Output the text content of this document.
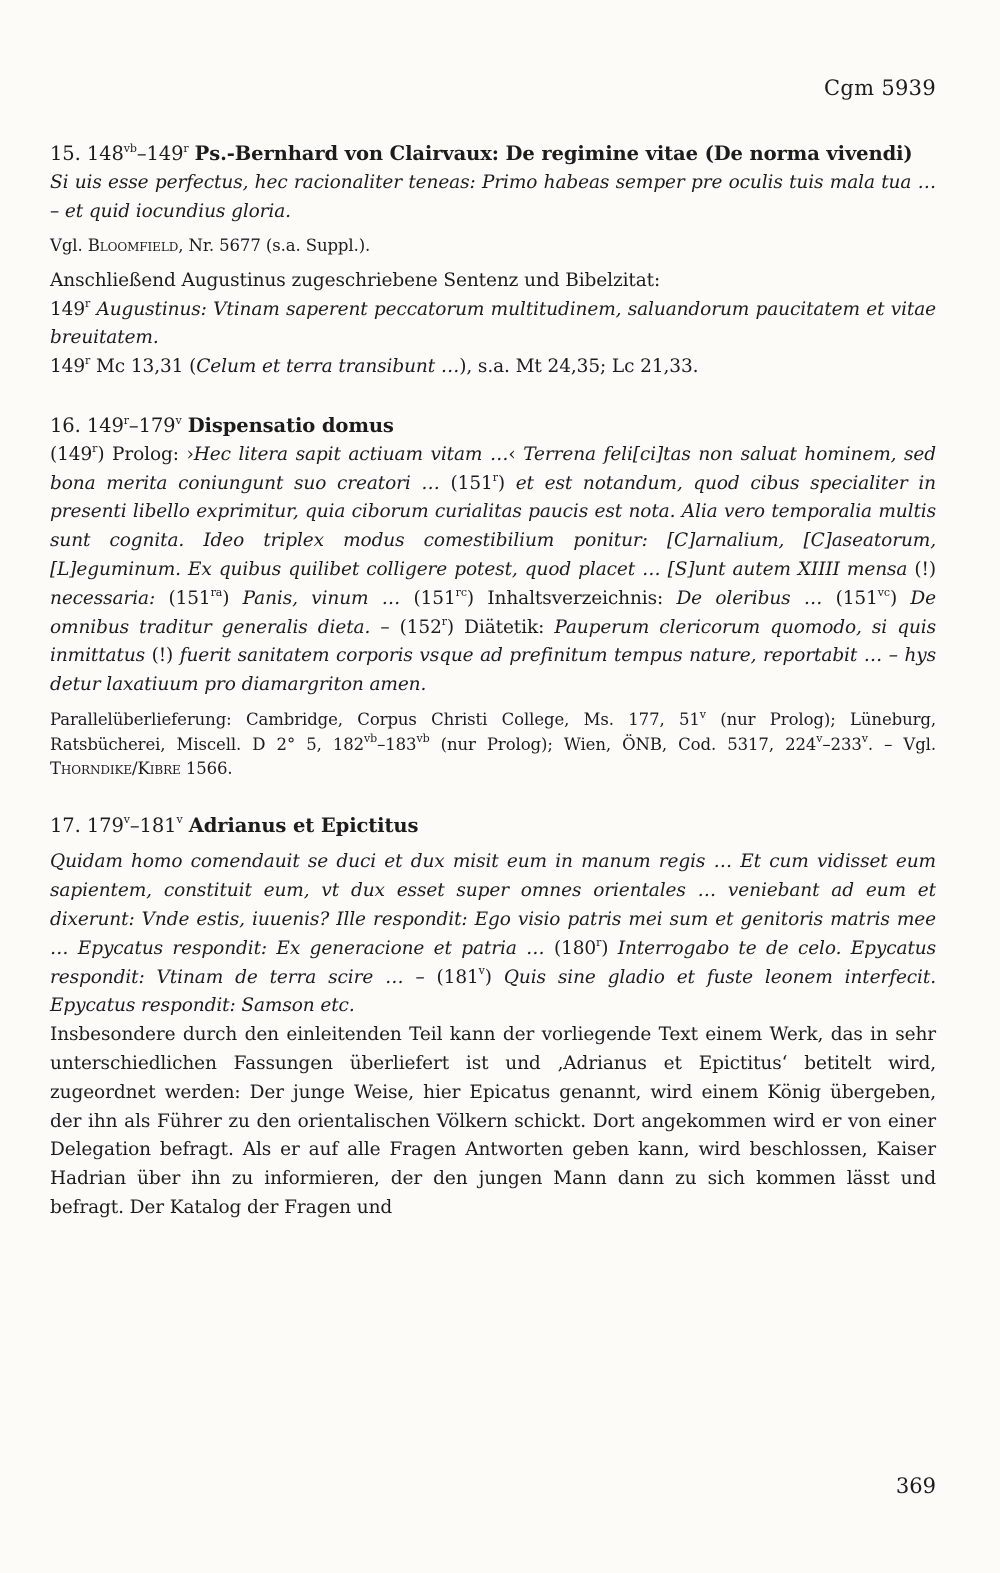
Cgm 5939

15. $148^{vb}-149^r$ Ps.-Bernhard von Clairvaux: De regimine vitae (De norma vivendi)

Si uis esse perfectus, hec racionaliter teneas: Primo habeas semper pre oculis tuis mala tua … – et quid iocundius gloria.

Vgl. Bloomfield, Nr. 5677 (s.a. Suppl.).

Anschließend Augustinus zugeschriebene Sentenz und Bibelzitat:

149$^r$ Augustinus: Vtinam saperent peccatorum multitudinem, saluandorum paucitatem et vitae breuitatem.

149$^r$ Mc 13,31 (Celum et terra transibunt …), s.a. Mt 24,35; Lc 21,33.

16. 149$^r$–179$^v$ Dispensatio domus

(149$^r$) Prolog: ›Hec litera sapit actiuam vitam …‹ Terrena feli[ci]tas non saluat hominem, sed bona merita coniungunt suo creatori … (151$^r$) et est notandum, quod cibus specialiter in presenti libello exprimitur, quia ciborum curialitas paucis est nota. Alia vero temporalia multis sunt cognita. Ideo triplex modus comestibilium ponitur: [C]arnalium, [C]aseatorum, [L]eguminum. Ex quibus quilibet colligere potest, quod placet … [S]unt autem XIIII mensa (!) necessaria: $(151^{ra})$ Panis, vinum … $(151^{rc})$ Inhaltsverzeichnis: De oleribus … $(151^{vc})$ De omnibus traditur generalis dieta. – (152$^r$) Diätetik: Pauperum clericorum quomodo, si quis inmittatus (!) fuerit sanitatem corporis vsque ad prefinitum tempus nature, reportabit … – hys detur laxatiuum pro diamargriton amen.

Parallelüberlieferung: Cambridge, Corpus Christi College, Ms. 177, 51$^v$ (nur Prolog); Lüneburg, Ratsbücherei, Miscell. D 2° 5, $182^{vb}-183^{vb}$ (nur Prolog); Wien, ÖNB, Cod. 5317, 224$^v$–233$^v$. – Vgl. Thorndike/Kibre 1566.

17. 179$^v$–181$^v$ Adrianus et Epictitus

Quidam homo comendauit se duci et dux misit eum in manum regis … Et cum vidisset eum sapientem, constituit eum, vt dux esset super omnes orientales … veniebant ad eum et dixerunt: Vnde estis, iuuenis? Ille respondit: Ego visio patris mei sum et genitoris matris mee … Epycatus respondit: Ex generacione et patria … (180$^r$) Interrogabo te de celo. Epycatus respondit: Vtinam de terra scire … – (181$^v$) Quis sine gladio et fuste leonem interfecit. Epycatus respondit: Samson etc.

Insbesondere durch den einleitenden Teil kann der vorliegende Text einem Werk, das in sehr unterschiedlichen Fassungen überliefert ist und ‚Adrianus et Epictitus‘ betitelt wird, zugeordnet werden: Der junge Weise, hier Epicatus genannt, wird einem König übergeben, der ihn als Führer zu den orientalischen Völkern schickt. Dort angekommen wird er von einer Delegation befragt. Als er auf alle Fragen Antworten geben kann, wird beschlossen, Kaiser Hadrian über ihn zu informieren, der den jungen Mann dann zu sich kommen lässt und befragt. Der Katalog der Fragen und

369
